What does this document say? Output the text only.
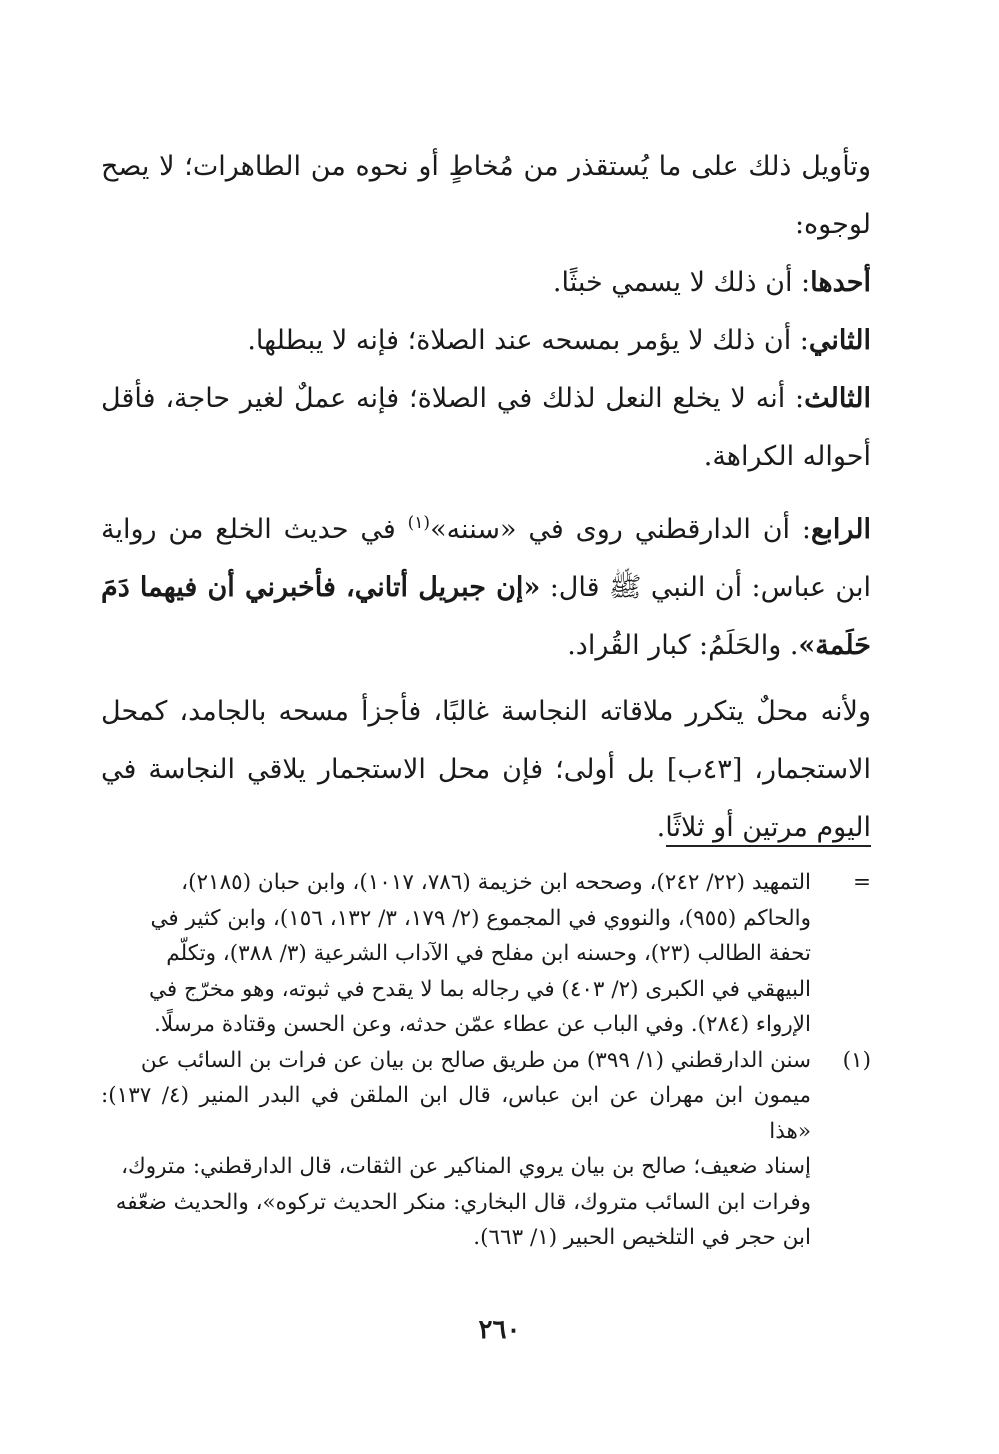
وتأويل ذلك على ما يُستقذر من مُخاطٍ أو نحوه من الطاهرات؛ لا يصح لوجوه:

أحدها: أن ذلك لا يسمي خبثًا.

الثاني: أن ذلك لا يؤمر بمسحه عند الصلاة؛ فإنه لا يبطلها.

الثالث: أنه لا يخلع النعل لذلك في الصلاة؛ فإنه عملٌ لغير حاجة، فأقل أحواله الكراهة.

الرابع: أن الدارقطني روى في «سننه»$^{(١)}$ في حديث الخلع من رواية ابن عباس: أن النبي ﷺ قال: «إن جبريل أتاني، فأخبرني أن فيهما دَمَ حَلَمة». والحَلَمُ: كبار القُراد.

ولأنه محلٌ يتكرر ملاقاته النجاسة غالبًا، فأجزأ مسحه بالجامد، كمحل الاستجمار، [٤٣ب] بل أولى؛ فإن محل الاستجمار يلاقي النجاسة في اليوم مرتين أو ثلاثًا.

=
التمهيد (٢٢/ ٢٤٢)، وصححه ابن خزيمة (٧٨٦، ١٠١٧)، وابن حبان (٢١٨٥)،
والحاكم (٩٥٥)، والنووي في المجموع (٢/ ١٧٩، ٣/ ١٣٢، ١٥٦)، وابن كثير في
تحفة الطالب (٢٣)، وحسنه ابن مفلح في الآداب الشرعية (٣/ ٣٨٨)، وتكلّم
البيهقي في الكبرى (٢/ ٤٠٣) في رجاله بما لا يقدح في ثبوته، وهو مخرّج في
الإرواء (٢٨٤). وفي الباب عن عطاء عمّن حدثه، وعن الحسن وقتادة مرسلًا.
(١)
سنن الدارقطني (١/ ٣٩٩) من طريق صالح بن بيان عن فرات بن السائب عن
ميمون ابن مهران عن ابن عباس، قال ابن الملقن في البدر المنير (٤/ ١٣٧): «هذا
إسناد ضعيف؛ صالح بن بيان يروي المناكير عن الثقات، قال الدارقطني: متروك،
وفرات ابن السائب متروك، قال البخاري: منكر الحديث تركوه»، والحديث ضعّفه
ابن حجر في التلخيص الحبير (١/ ٦٦٣).
٢٦٠
